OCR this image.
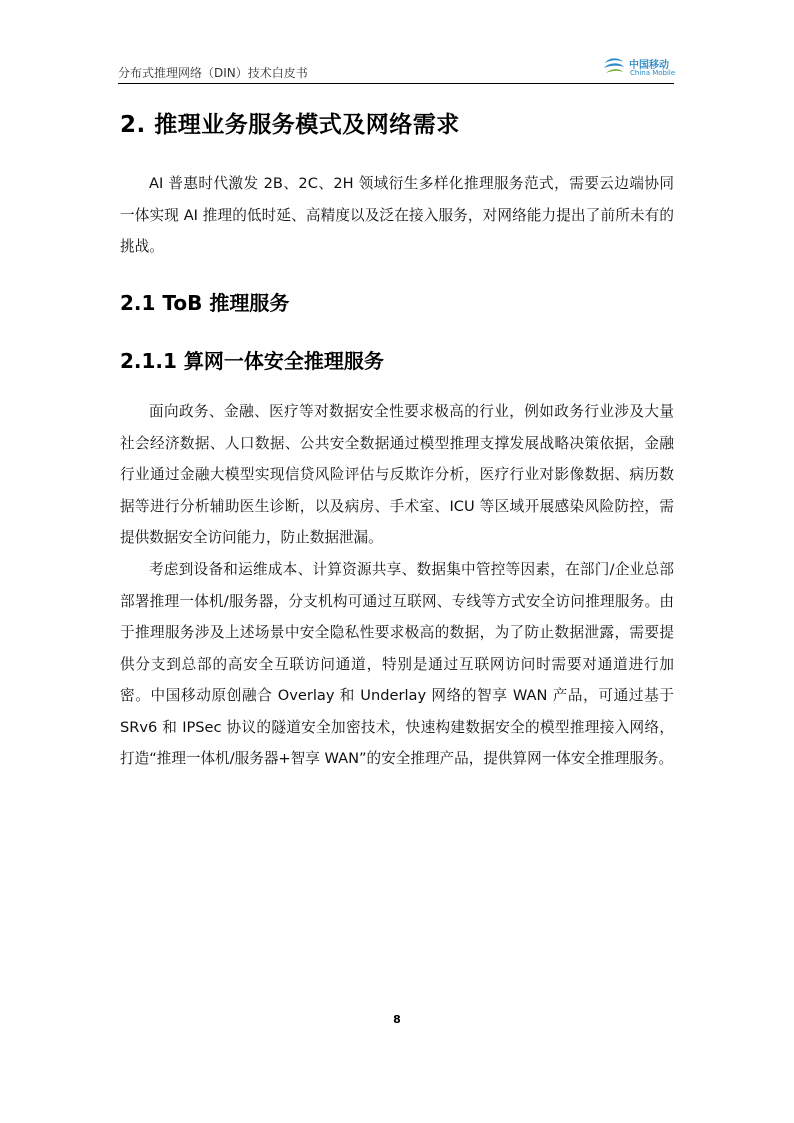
分布式推理网络（DIN）技术白皮书
中国移动
China Mobile
2. 推理业务服务模式及网络需求

AI 普惠时代激发 2B、2C、2H 领域衍生多样化推理服务范式，需要云边端协同一体实现 AI 推理的低时延、高精度以及泛在接入服务，对网络能力提出了前所未有的挑战。

2.1 ToB 推理服务
2.1.1 算网一体安全推理服务

面向政务、金融、医疗等对数据安全性要求极高的行业，例如政务行业涉及大量社会经济数据、人口数据、公共安全数据通过模型推理支撑发展战略决策依据，金融行业通过金融大模型实现信贷风险评估与反欺诈分析，医疗行业对影像数据、病历数据等进行分析辅助医生诊断，以及病房、手术室、ICU 等区域开展感染风险防控，需提供数据安全访问能力，防止数据泄漏。

考虑到设备和运维成本、计算资源共享、数据集中管控等因素，在部门/企业总部部署推理一体机/服务器，分支机构可通过互联网、专线等方式安全访问推理服务。由于推理服务涉及上述场景中安全隐私性要求极高的数据，为了防止数据泄露，需要提供分支到总部的高安全互联访问通道，特别是通过互联网访问时需要对通道进行加密。中国移动原创融合 Overlay 和 Underlay 网络的智享 WAN 产品，可通过基于 SRv6 和 IPSec 协议的隧道安全加密技术，快速构建数据安全的模型推理接入网络，打造“推理一体机/服务器+智享 WAN”的安全推理产品，提供算网一体安全推理服务。

8
